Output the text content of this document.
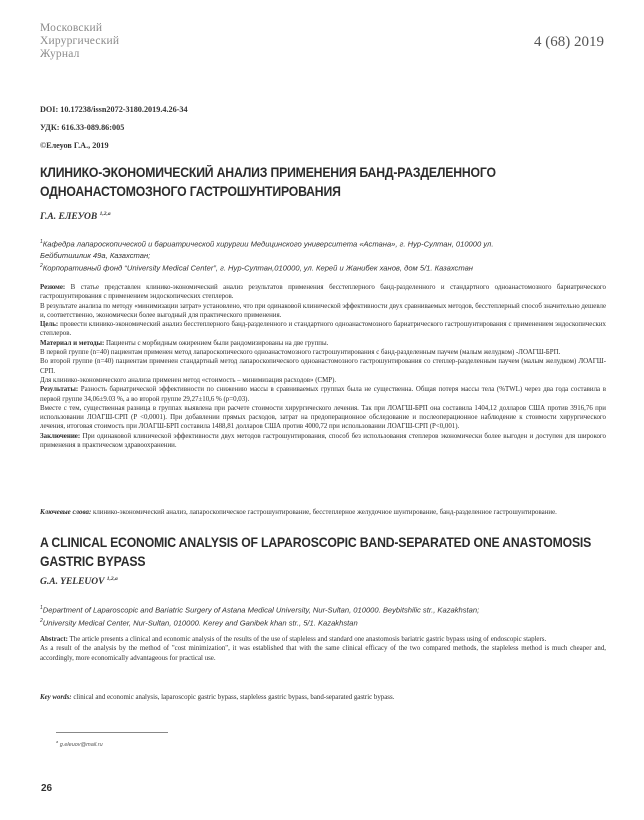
Московский
Хирургический
Журнал
4 (68) 2019
DOI: 10.17238/issn2072-3180.2019.4.26-34
УДК: 616.33-089.86:005
©Елеуов Г.А., 2019
КЛИНИКО-ЭКОНОМИЧЕСКИЙ АНАЛИЗ ПРИМЕНЕНИЯ БАНД-РАЗДЕЛЕННОГО
ОДНОАНАСТОМОЗНОГО ГАСТРОШУНТИРОВАНИЯ
Г.А. ЕЛЕУОВ $^{1,2,a}$
$^1$Кафедра лапароскопической и бариатрической хирургии Медицинского университета «Астана», г. Нур-Султан, 010000 ул.
Бейбитшилик 49а, Казахстан;
$^2$Корпоративный фонд “University Medical Center”, г. Нур-Султан,010000, ул. Керей и Жанибек ханов, дом 5/1. Казахстан

Резюме: В статье представлен клинико-экономический анализ результатов применения бесстеплерного банд-разделенного и стандартного одноанастомозного бариатрического гастрошунтирования с применением эндоскопических степлеров.

В результате анализа по методу «минимизации затрат» установлено, что при одинаковой клинической эффективности двух сравниваемых методов, бесстеплерный способ значительно дешевле и, соответственно, экономически более выгодный для практического применения.

Цель: провести клинико-экономический анализ бесстеплерного банд-разделенного и стандартного одноанастомозного бариатрического гастрошунтирования с применением эндоскопических степлеров.

Материал и методы: Пациенты с морбидным ожирением были рандомизированы на две группы.

В первой группе (n=40) пациентам применен метод лапароскопического одноанастомозного гастрошунтирования с банд-разделенным паучем (малым желудком) -ЛОАГШ-БРП.

Во второй группе (n=40) пациентам применен стандартный метод лапароскопического одноанастомозного гастрошунтирования со степлер-разделенным паучем (малым желудком) ЛОАГШ-СРП.

Для клинико-экономического анализа применен метод «стоимость – минимизация расходов» (CMP).

Результаты: Разность бариатрической эффективности по снижению массы в сравниваемых группах была не существенна. Общая потеря массы тела (%TWL) через два года составила в первой группе 34,06±9.03 %, а во второй группе 29,27±10,6 % (p=0,03).

Вместе с тем, существенная разница в группах выявлена при расчете стоимости хирургического лечения. Так при ЛОАГШ-БРП она составила 1404,12 долларов США против 3916,76 при использовании ЛОАГШ-СРП (P <0,0001). При добавлении прямых расходов, затрат на предоперационное обследование и послеоперационное наблюдение к стоимости хирургического лечения, итоговая стоимость при ЛОАГШ-БРП составила 1488,81 долларов США против 4000,72 при использовании ЛОАГШ-СРП (P<0,001).

Заключение: При одинаковой клинической эффективности двух методов гастрошунтирования, способ без использования степлеров экономически более выгоден и доступен для широкого применения в практическом здравоохранении.

Ключевые слова: клинико-экономический анализ, лапароскопическое гастрошунтирование, бесстеплерное желудочное шунтирование, банд-разделенное гастрошунтирование.
A CLINICAL ECONOMIC ANALYSIS OF LAPAROSCOPIC BAND-SEPARATED ONE ANASTOMOSIS
GASTRIC BYPASS
G.A. YELEUOV $^{1,2,a}$
$^1$Department of Laparoscopic and Bariatric Surgery of Astana Medical University, Nur-Sultan, 010000. Beybitshilic str., Kazakhstan;
$^2$University Medical Center, Nur-Sultan, 010000. Kerey and Ganibek khan str., 5/1. Kazakhstan

Abstract: The article presents a clinical and economic analysis of the results of the use of stapleless and standard one anastomosis bariatric gastric bypass using of endoscopic staplers.

As a result of the analysis by the method of "cost minimization", it was established that with the same clinical efficacy of the two compared methods, the stapleless method is much cheaper and, accordingly, more economically advantageous for practical use.

Key words: clinical and economic analysis, laparoscopic gastric bypass, stapleless gastric bypass, band-separated gastric bypass.
$^a$ g.eleuov@mail.ru
26
